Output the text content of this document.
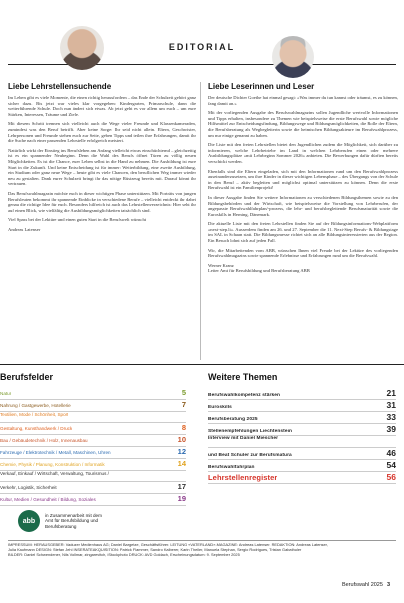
EDITORIAL
Liebe Lehrstellensuchende

Im Leben gibt es viele Momente, die einen richtig herausfordern – das Ende der Schulzeit gehört ganz sicher dazu. Bis jetzt war vieles klar vorgegeben: Kindergarten, Primarschule, dann die weiterführende Schule. Doch nun ändert sich etwas. Ab jetzt geht es vor allem um euch – um eure Stärken, Interessen, Träume und Ziele.

Mit diesem Schritt trennen sich vielleicht auch die Wege vieler Freunde und Klassenkameraden, zumindest was den Beruf betrifft. Aber keine Sorge: Ihr seid nicht allein. Eltern, Geschwister, Lehrpersonen und Freunde stehen euch zur Seite, geben Tipps und teilen ihre Erfahrungen, damit ihr die Suche nach einer passenden Lehrstelle erfolgreich meistert.

Natürlich wirkt der Einstieg ins Berufsleben am Anfang vielleicht etwas einschüchternd – gleichzeitig ist es ein spannender Neubeginn. Denn die Wahl des Berufs öffnet Türen zu völlig neuen Möglichkeiten. Es ist die Chance, euer Leben selbst in die Hand zu nehmen. Die Ausbildung ist eure Start in die Zukunft. Und keine Entscheidung ist für immer: Weiterbildung, eine zweite Ausbildung, ein Studium oder ganz neue Wege – heute gibt es viele Chancen, den beruflichen Weg immer wieder neu zu gestalten. Dank eurer Schulzeit bringt ihr das nötige Rüstzeug bereits mit. Darauf könnt ihr vertrauen.

Das Berufswahlmagazin möchte euch in dieser wichtigen Phase unterstützen. Mit Porträts von jungen Berufsleuten bekommt ihr spannende Einblicke in verschiedene Berufe – vielleicht entdeckt ihr dabei genau die richtige Idee für euch. Besonders hilfreich ist auch das Lehrstellenverzeichnis: Hier seht ihr auf einen Blick, wie vielfältig die Ausbildungsmöglichkeiten tatsächlich sind.

Viel Spass bei der Lektüre und einen guten Start in die Berufswelt wünscht

Andreas Latenser
Liebe Leserinnen und Leser

Der deutsche Dichter Goethe hat einmal gesagt: «Was immer du tun kannst oder träumst, es zu können, fang damit an.»

Mit der vorliegenden Ausgabe des Berufswahlmagazins sollen Jugendliche wertvolle Informationen und Tipps erhalten, insbesondere zu Themen wie beispielsweise die erste Berufswahl sowie mögliche Hilfsmittel zur Entscheidungsfindung, Bildungswege und Bildungsmöglichkeiten, die Rolle der Eltern, die Berufsberatung als Wegbegleiterin sowie die heimischen Bildungsakteure im Berufswahlprozess, um nur einige genannt zu haben.

Die Liste mit den freien Lehrstellen bietet den Jugendlichen zudem die Möglichkeit, sich darüber zu informieren, welche Lehrbetriebe im Land in welchen Lehrberufen einen oder mehrere Ausbildungsplätze «mit Lehrbeginn Sommer 2026» anbieten. Die Bewerbungen dafür dürften bereits verschickt werden.

Ebenfalls sind die Eltern eingeladen, sich mit den Informationen rund um den Berufswahlprozess auseinanderzusetzen, um ihre Kinder in dieser wichtigen Lebensphase – des Übergangs von der Schule in den Beruf – aktiv begleiten und möglichst optimal unterstützen zu können. Denn die erste Berufswahl ist ein Familienprojekt!

In dieser Ausgabe finden Sie weitere Informationen zu verschiedenen Bildungsthemen sowie zu den Bildungsbehörden und der Wirtschaft, wie beispielsweise die Vorstellung von Lehrberufen, der angepasste Berufswahlfahrplan/-prozess, die lehr- und berufsbegleitende Berufsmaturität sowie die Euroskills in Herning, Dänemark.

Die aktuelle Liste mit den freien Lehrstellen finden Sie auf der Bildungsinformations-Webplattform «next-step.li». Ausserdem finden am 26. und 27. September die 11. Next-Step Berufs- & Bildungstage im SAL in Schaan statt. Die Bildungsmesse richtet sich an alle Bildungsinteressierten aus der Region. Ein Besuch lohnt sich auf jeden Fall.

Wir, die Mitarbeitenden vom ABB, wünschen Ihnen viel Freude bei der Lektüre des vorliegenden Berufswahlmagazins sowie spannende Erlebnisse und Erfahrungen rund um die Berufswahl.

Werner Kranz
Leiter Amt für Berufsbildung und Berufsberatung ABB
Berufsfelder
Natur	5
Nahrung / Gastgewerbe, Hotellerie	7
Textilien, Mode / Schönheit, Sport
Gestaltung, Kunsthandwerk / Druck	8
Bau / Gebäudetechnik / Holz, Innenausbau	10
Fahrzeuge / Elektrotechnik / Metall, Maschinen, Uhren	12
Chemie, Physik / Planung, Konstruktion / Informatik	14
Verkauf, Einkauf / Wirtschaft, Verwaltung, Tourismus /
Verkehr, Logistik, Sicherheit	17
Kultur, Medien / Gesundheit / Bildung, Soziales	19
Weitere Themen
Berufswahlkompetenz stärken	21
Euroskills	31
Berufsberatung 2025	33
Stellenempfehlungen Liechtenstein	39
Interview mit Daniel Miescher
und Beat Schuler zur Berufsmatura	46
Berufswahlfahrplan	54
Lehrstellenregister	56
abb
in Zusammenarbeit mit dem
Amt für Berufsbildung und
Berufsberatung
IMPRESSUM: HERAUSGEBER: Vaduzer Medienhaus AG; Daniel Bargetze, Geschäftsführer. LEITUNG «VATERLAND»-MAGAZINE: Andreas Latenser. REDAKTION: Andreas Latenser,
Julia Kaufmann DESIGN: Stefan Jehl INSERATEAKQUISITION: Patrick Flammer, Sandro Kalberer, Karin Theiler, Manuela Stephan, Sergio Rodrigues, Tristan Gabathuler
BILDER: Daniel Schwendener, Nils Vollmar, zingarevitch, iStockphoto DRUCK: AVD Goldach, Erscheinungsdatum: 9. September 2025
Berufswahl 2025 3
